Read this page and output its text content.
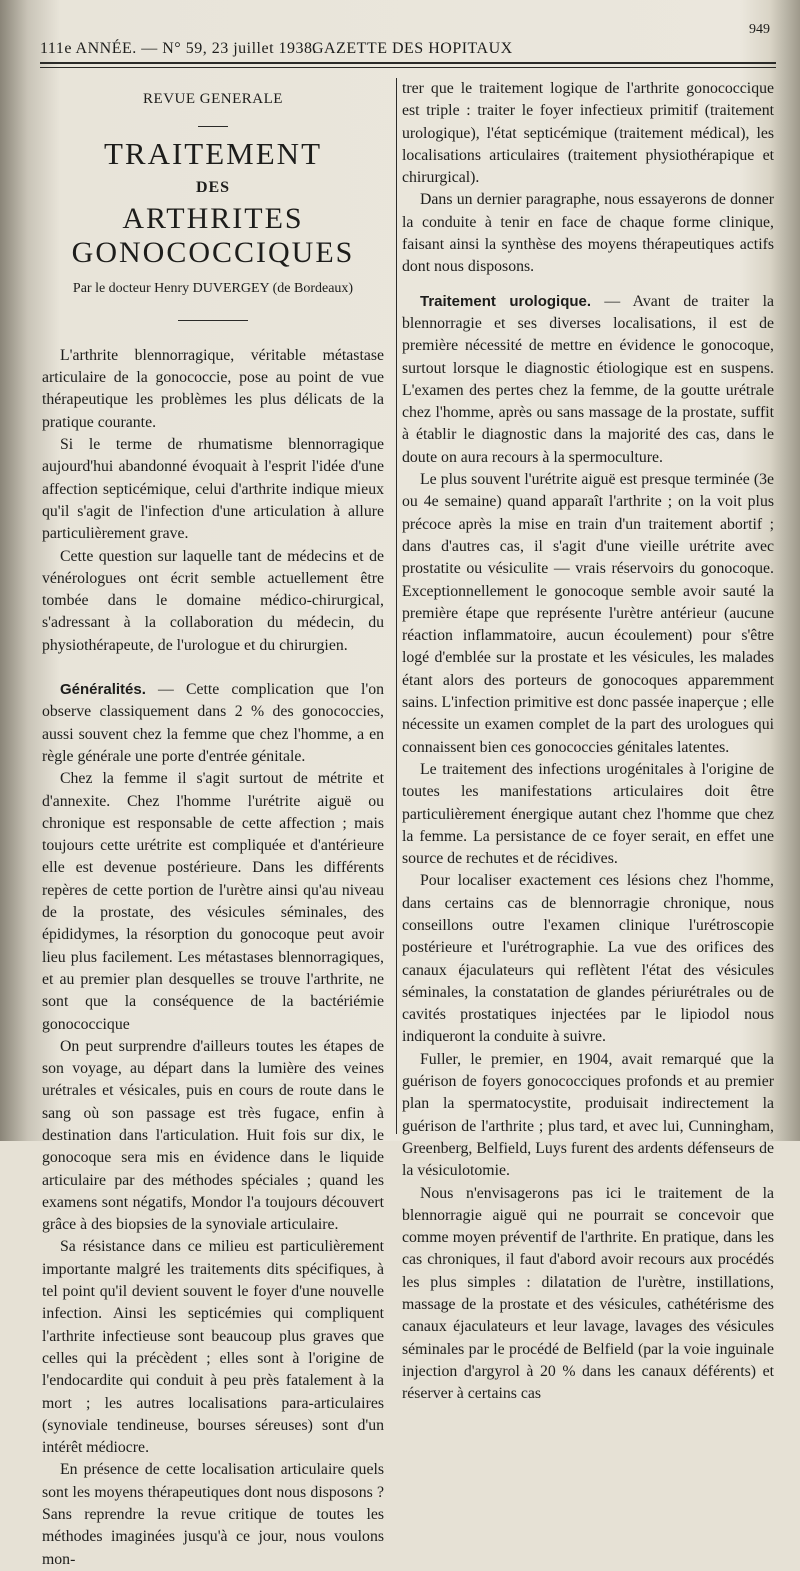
111e ANNÉE. — N° 59, 23 juillet 1938.
GAZETTE DES HOPITAUX
949
REVUE GENERALE
TRAITEMENT
DES
ARTHRITES GONOCOCCIQUES
Par le docteur Henry DUVERGEY (de Bordeaux)

L'arthrite blennorragique, véritable métastase articulaire de la gonococcie, pose au point de vue thérapeutique les problèmes les plus délicats de la pratique courante.

Si le terme de rhumatisme blennorragique aujourd'hui abandonné évoquait à l'esprit l'idée d'une affection septicémique, celui d'arthrite indique mieux qu'il s'agit de l'infection d'une articulation à allure particulièrement grave.

Cette question sur laquelle tant de médecins et de vénérologues ont écrit semble actuellement être tombée dans le domaine médico-chirurgical, s'adressant à la collaboration du médecin, du physiothérapeute, de l'urologue et du chirurgien.

Généralités. — Cette complication que l'on observe classiquement dans 2 % des gonococcies, aussi souvent chez la femme que chez l'homme, a en règle générale une porte d'entrée génitale.

Chez la femme il s'agit surtout de métrite et d'annexite. Chez l'homme l'urétrite aiguë ou chronique est responsable de cette affection ; mais toujours cette urétrite est compliquée et d'antérieure elle est devenue postérieure. Dans les différents repères de cette portion de l'urètre ainsi qu'au niveau de la prostate, des vésicules séminales, des épididymes, la résorption du gonocoque peut avoir lieu plus facilement. Les métastases blennorragiques, et au premier plan desquelles se trouve l'arthrite, ne sont que la conséquence de la bactériémie gonococcique

On peut surprendre d'ailleurs toutes les étapes de son voyage, au départ dans la lumière des veines urétrales et vésicales, puis en cours de route dans le sang où son passage est très fugace, enfin à destination dans l'articulation. Huit fois sur dix, le gonocoque sera mis en évidence dans le liquide articulaire par des méthodes spéciales ; quand les examens sont négatifs, Mondor l'a toujours découvert grâce à des biopsies de la synoviale articulaire.

Sa résistance dans ce milieu est particulièrement importante malgré les traitements dits spécifiques, à tel point qu'il devient souvent le foyer d'une nouvelle infection. Ainsi les septicémies qui compliquent l'arthrite infectieuse sont beaucoup plus graves que celles qui la précèdent ; elles sont à l'origine de l'endocardite qui conduit à peu près fatalement à la mort ; les autres localisations para-articulaires (synoviale tendineuse, bourses séreuses) sont d'un intérêt médiocre.

En présence de cette localisation articulaire quels sont les moyens thérapeutiques dont nous disposons ? Sans reprendre la revue critique de toutes les méthodes imaginées jusqu'à ce jour, nous voulons mon-

trer que le traitement logique de l'arthrite gonococcique est triple : traiter le foyer infectieux primitif (traitement urologique), l'état septicémique (traitement médical), les localisations articulaires (traitement physiothérapique et chirurgical).

Dans un dernier paragraphe, nous essayerons de donner la conduite à tenir en face de chaque forme clinique, faisant ainsi la synthèse des moyens thérapeutiques actifs dont nous disposons.

Traitement urologique. — Avant de traiter la blennorragie et ses diverses localisations, il est de première nécessité de mettre en évidence le gonocoque, surtout lorsque le diagnostic étiologique est en suspens. L'examen des pertes chez la femme, de la goutte urétrale chez l'homme, après ou sans massage de la prostate, suffit à établir le diagnostic dans la majorité des cas, dans le doute on aura recours à la spermoculture.

Le plus souvent l'urétrite aiguë est presque terminée (3e ou 4e semaine) quand apparaît l'arthrite ; on la voit plus précoce après la mise en train d'un traitement abortif ; dans d'autres cas, il s'agit d'une vieille urétrite avec prostatite ou vésiculite — vrais réservoirs du gonocoque. Exceptionnellement le gonocoque semble avoir sauté la première étape que représente l'urètre antérieur (aucune réaction inflammatoire, aucun écoulement) pour s'être logé d'emblée sur la prostate et les vésicules, les malades étant alors des porteurs de gonocoques apparemment sains. L'infection primitive est donc passée inaperçue ; elle nécessite un examen complet de la part des urologues qui connaissent bien ces gonococcies génitales latentes.

Le traitement des infections urogénitales à l'origine de toutes les manifestations articulaires doit être particulièrement énergique autant chez l'homme que chez la femme. La persistance de ce foyer serait, en effet une source de rechutes et de récidives.

Pour localiser exactement ces lésions chez l'homme, dans certains cas de blennorragie chronique, nous conseillons outre l'examen clinique l'urétroscopie postérieure et l'urétrographie. La vue des orifices des canaux éjaculateurs qui reflètent l'état des vésicules séminales, la constatation de glandes périurétrales ou de cavités prostatiques injectées par le lipiodol nous indiqueront la conduite à suivre.

Fuller, le premier, en 1904, avait remarqué que la guérison de foyers gonococciques profonds et au premier plan la spermatocystite, produisait indirectement la guérison de l'arthrite ; plus tard, et avec lui, Cunningham, Greenberg, Belfield, Luys furent des ardents défenseurs de la vésiculotomie.

Nous n'envisagerons pas ici le traitement de la blennorragie aiguë qui ne pourrait se concevoir que comme moyen préventif de l'arthrite. En pratique, dans les cas chroniques, il faut d'abord avoir recours aux procédés les plus simples : dilatation de l'urètre, instillations, massage de la prostate et des vésicules, cathétérisme des canaux éjaculateurs et leur lavage, lavages des vésicules séminales par le procédé de Belfield (par la voie inguinale injection d'argyrol à 20 % dans les canaux déférents) et réserver à certains cas
